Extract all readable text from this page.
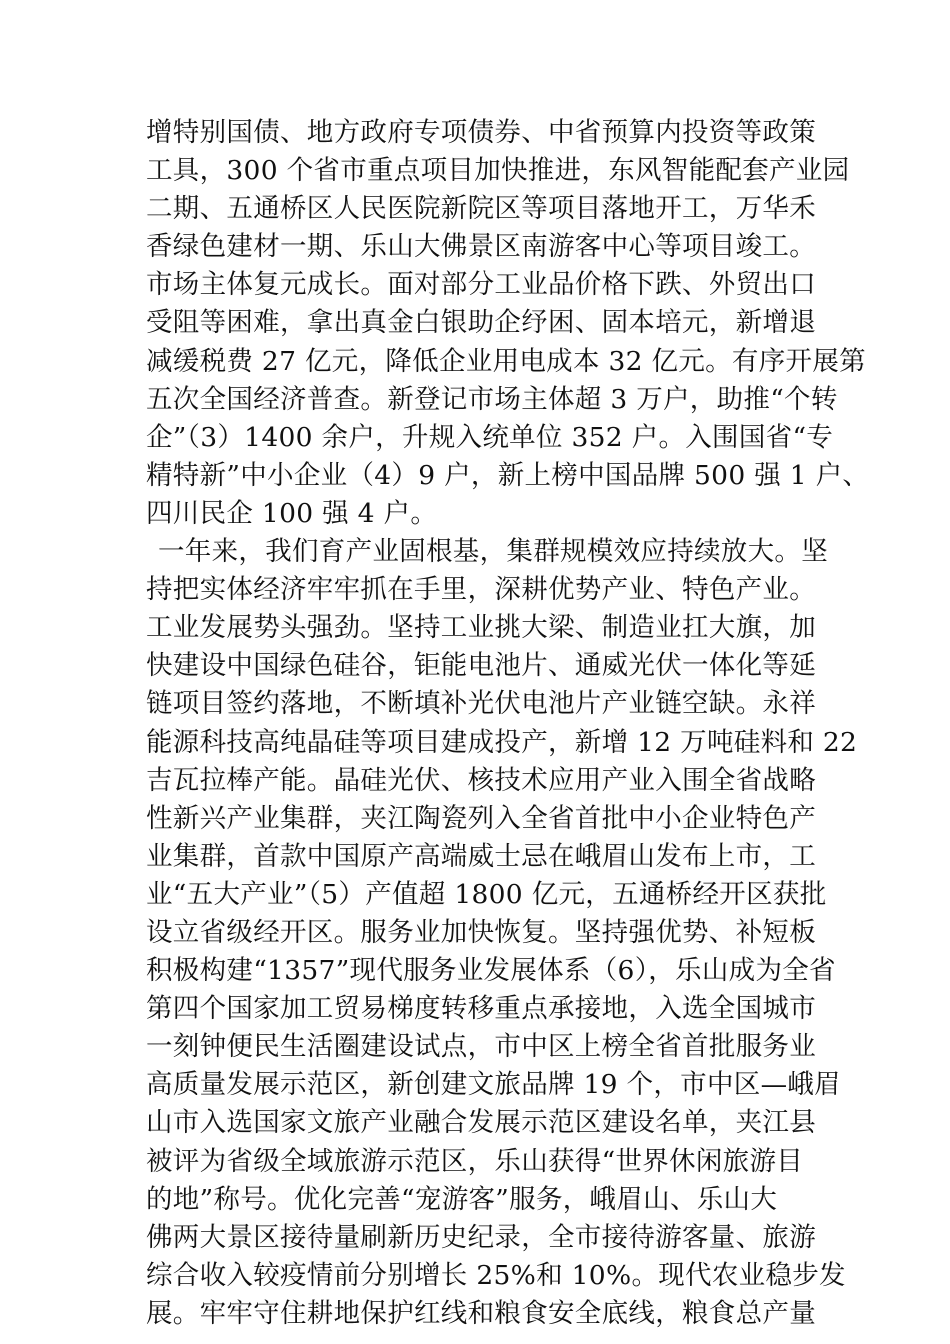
增特别国债、地方政府专项债券、中省预算内投资等政策
工具，300 个省市重点项目加快推进，东风智能配套产业园
二期、五通桥区人民医院新院区等项目落地开工，万华禾
香绿色建材一期、乐山大佛景区南游客中心等项目竣工。
市场主体复元成长。面对部分工业品价格下跌、外贸出口
受阻等困难，拿出真金白银助企纾困、固本培元，新增退
减缓税费 27 亿元，降低企业用电成本 32 亿元。有序开展第
五次全国经济普查。新登记市场主体超 3 万户，助推“个转
企”（3）1400 余户，升规入统单位 352 户。入围国省“专
精特新”中小企业（4）9 户，新上榜中国品牌 500 强 1 户、
四川民企 100 强 4 户。
一年来，我们育产业固根基，集群规模效应持续放大。坚
持把实体经济牢牢抓在手里，深耕优势产业、特色产业。
工业发展势头强劲。坚持工业挑大梁、制造业扛大旗，加
快建设中国绿色硅谷，钜能电池片、通威光伏一体化等延
链项目签约落地，不断填补光伏电池片产业链空缺。永祥
能源科技高纯晶硅等项目建成投产，新增 12 万吨硅料和 22
吉瓦拉棒产能。晶硅光伏、核技术应用产业入围全省战略
性新兴产业集群，夹江陶瓷列入全省首批中小企业特色产
业集群，首款中国原产高端威士忌在峨眉山发布上市，工
业“五大产业”（5）产值超 1800 亿元，五通桥经开区获批
设立省级经开区。服务业加快恢复。坚持强优势、补短板
积极构建“1357”现代服务业发展体系（6），乐山成为全省
第四个国家加工贸易梯度转移重点承接地，入选全国城市
一刻钟便民生活圈建设试点，市中区上榜全省首批服务业
高质量发展示范区，新创建文旅品牌 19 个，市中区—峨眉
山市入选国家文旅产业融合发展示范区建设名单，夹江县
被评为省级全域旅游示范区，乐山获得“世界休闲旅游目
的地”称号。优化完善“宠游客”服务，峨眉山、乐山大
佛两大景区接待量刷新历史纪录，全市接待游客量、旅游
综合收入较疫情前分别增长 25%和 10%。现代农业稳步发
展。牢牢守住耕地保护红线和粮食安全底线，粮食总产量
